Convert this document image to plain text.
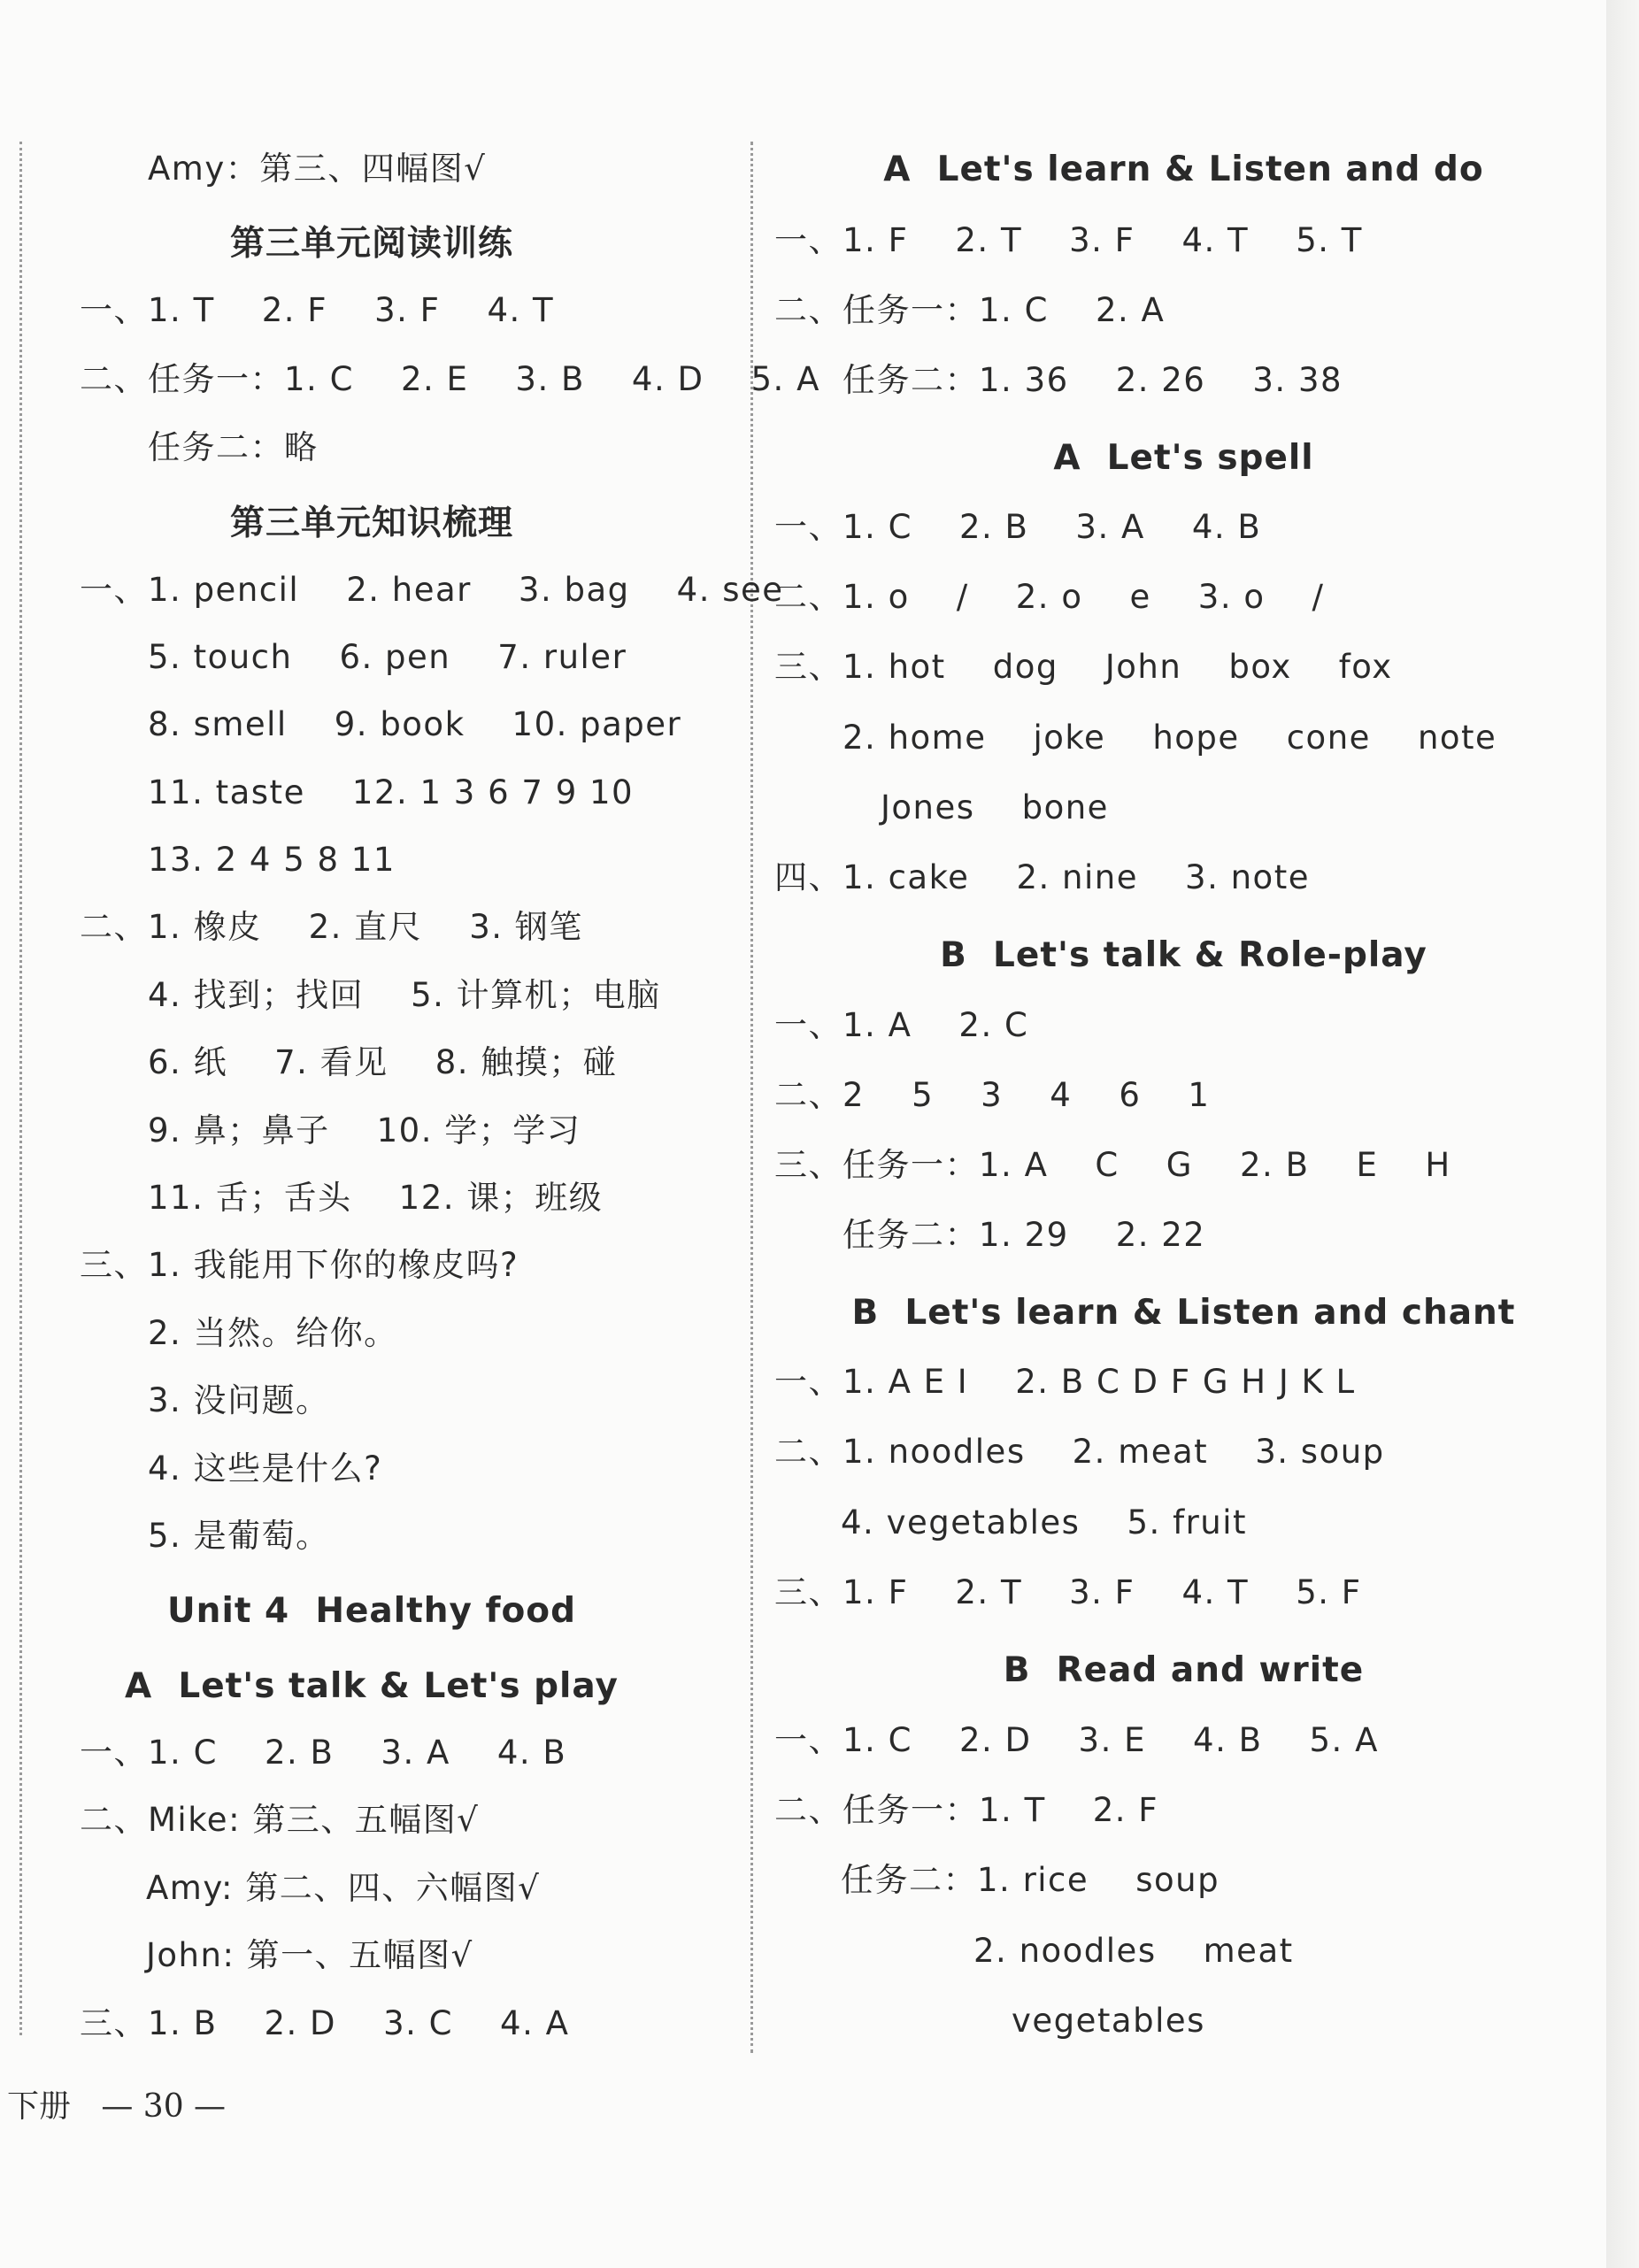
Amy：第三、四幅图√
第三单元阅读训练
一、1. T    2. F    3. F    4. T
二、任务一：1. C    2. E    3. B    4. D    5. A
任务二：略
第三单元知识梳理
一、1. pencil    2. hear    3. bag    4. see
5. touch    6. pen    7. ruler
8. smell    9. book    10. paper
11. taste    12. 1 3 6 7 9 10
13. 2 4 5 8 11
二、1. 橡皮    2. 直尺    3. 钢笔
4. 找到；找回    5. 计算机；电脑
6. 纸    7. 看见    8. 触摸；碰
9. 鼻；鼻子    10. 学；学习
11. 舌；舌头    12. 课；班级
三、1. 我能用下你的橡皮吗?
2. 当然。给你。
3. 没问题。
4. 这些是什么?
5. 是葡萄。
Unit 4  Healthy food
A  Let's talk & Let's play
一、1. C    2. B    3. A    4. B
二、Mike: 第三、五幅图√
Amy: 第二、四、六幅图√
John: 第一、五幅图√
三、1. B    2. D    3. C    4. A
A  Let's learn & Listen and do
一、1. F    2. T    3. F    4. T    5. T
二、任务一：1. C    2. A
任务二：1. 36    2. 26    3. 38
A  Let's spell
一、1. C    2. B    3. A    4. B
二、1. o    /    2. o    e    3. o    /
三、1. hot    dog    John    box    fox
2. home    joke    hope    cone    note
Jones    bone
四、1. cake    2. nine    3. note
B  Let's talk & Role-play
一、1. A    2. C
二、2    5    3    4    6    1
三、任务一：1. A    C    G    2. B    E    H
任务二：1. 29    2. 22
B  Let's learn & Listen and chant
一、1. A E I    2. B C D F G H J K L
二、1. noodles    2. meat    3. soup
4. vegetables    5. fruit
三、1. F    2. T    3. F    4. T    5. F
B  Read and write
一、1. C    2. D    3. E    4. B    5. A
二、任务一：1. T    2. F
任务二：1. rice    soup
2. noodles    meat
vegetables
下册 — 30 —
